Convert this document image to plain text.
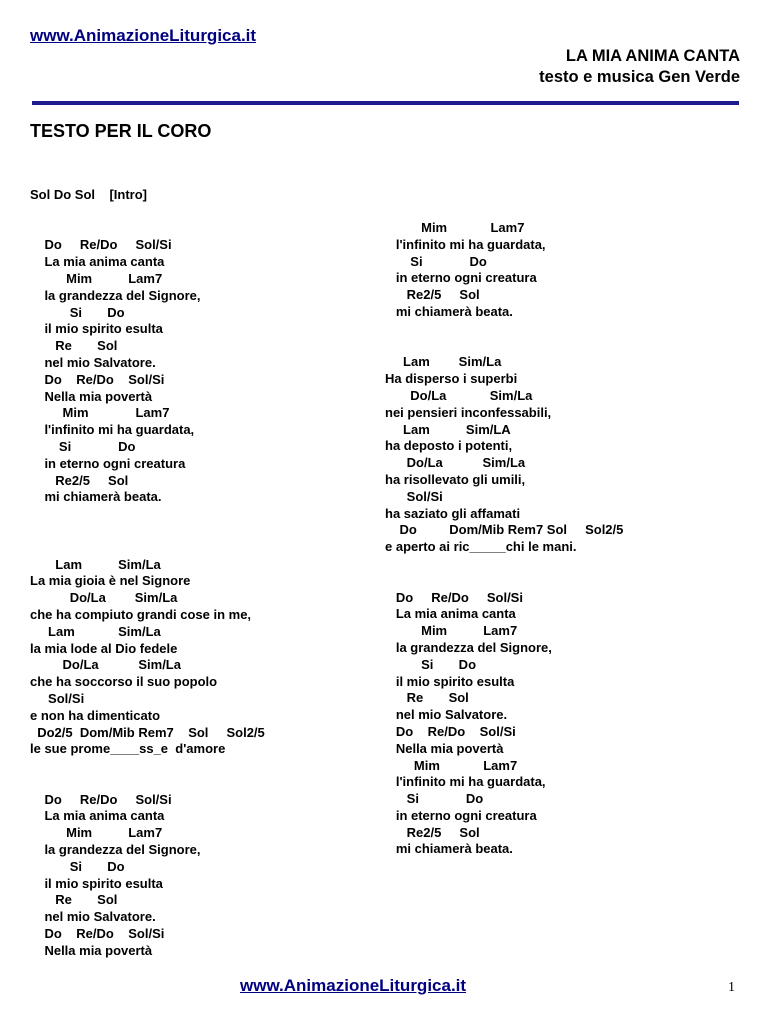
www.AnimazioneLiturgica.it
LA MIA ANIMA CANTA
testo e musica Gen Verde
TESTO PER IL CORO
Sol Do Sol    [Intro]
Do     Re/Do     Sol/Si
La mia anima canta
Mim          Lam7
la grandezza del Signore,
Si       Do
il mio spirito esulta
Re       Sol
nel mio Salvatore.
Do    Re/Do    Sol/Si
Nella mia povertà
Mim             Lam7
l'infinito mi ha guardata,
Si             Do
in eterno ogni creatura
Re2/5     Sol
mi chiamerà beata.
Lam          Sim/La
La mia gioia è nel Signore
Do/La        Sim/La
che ha compiuto grandi cose in me,
Lam            Sim/La
la mia lode al Dio fedele
Do/La           Sim/La
che ha soccorso il suo popolo
Sol/Si
e non ha dimenticato
Do2/5  Dom/Mib Rem7    Sol     Sol2/5
le sue prome____ss_e  d'amore
Do     Re/Do     Sol/Si
La mia anima canta
Mim          Lam7
la grandezza del Signore,
Si       Do
il mio spirito esulta
Re       Sol
nel mio Salvatore.
Do    Re/Do    Sol/Si
Nella mia povertà
Mim            Lam7
l'infinito mi ha guardata,
Si             Do
in eterno ogni creatura
Re2/5     Sol
mi chiamerà beata.
Lam        Sim/La
Ha disperso i superbi
Do/La            Sim/La
nei pensieri inconfessabili,
Lam          Sim/LA
ha deposto i potenti,
Do/La           Sim/La
ha risollevato gli umili,
Sol/Si
ha saziato gli affamati
Do         Dom/Mib Rem7 Sol     Sol2/5
e aperto ai ric_____chi le mani.
Do     Re/Do     Sol/Si
La mia anima canta
Mim          Lam7
la grandezza del Signore,
Si       Do
il mio spirito esulta
Re       Sol
nel mio Salvatore.
Do    Re/Do    Sol/Si
Nella mia povertà
Mim            Lam7
l'infinito mi ha guardata,
Si             Do
in eterno ogni creatura
Re2/5     Sol
mi chiamerà beata.
www.AnimazioneLiturgica.it	1
